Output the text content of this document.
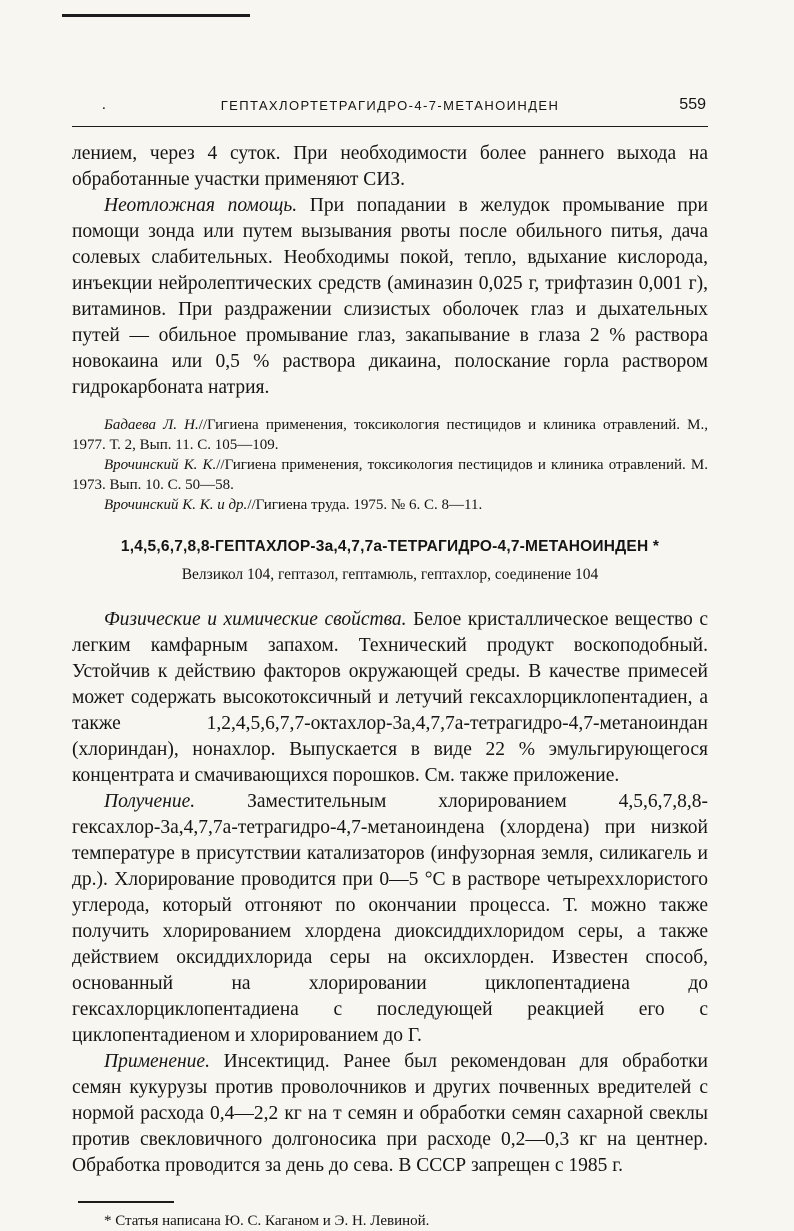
.	ГЕПТАХЛОРТЕТРАГИДРО-4-7-МЕТАНОИНДЕН	559

лением, через 4 суток. При необходимости более раннего выхода на обработанные участки применяют СИЗ.

Неотложная помощь. При попадании в желудок промывание при помощи зонда или путем вызывания рвоты после обильного питья, дача солевых слабительных. Необходимы покой, тепло, вдыхание кислорода, инъекции нейролептических средств (аминазин 0,025 г, трифтазин 0,001 г), витаминов. При раздражении слизистых оболочек глаз и дыхательных путей — обильное промывание глаз, закапывание в глаза 2 % раствора новокаина или 0,5 % раствора дикаина, полоскание горла раствором гидрокарбоната натрия.

Бадаева Л. Н.//Гигиена применения, токсикология пестицидов и клиника отравлений. М., 1977. Т. 2, Вып. 11. С. 105—109.

Врочинский К. К.//Гигиена применения, токсикология пестицидов и клиника отравлений. М. 1973. Вып. 10. С. 50—58.

Врочинский К. К. и др.//Гигиена труда. 1975. № 6. С. 8—11.

1,4,5,6,7,8,8-ГЕПТАХЛОР-3а,4,7,7а-ТЕТРАГИДРО-4,7-МЕТАНОИНДЕН *
Велзикол 104, гептазол, гептамюль, гептахлор, соединение 104

Физические и химические свойства. Белое кристаллическое вещество с легким камфарным запахом. Технический продукт воскоподобный. Устойчив к действию факторов окружающей среды. В качестве примесей может содержать высокотоксичный и летучий гексахлорциклопентадиен, а также 1,2,4,5,6,7,7-октахлор-3а,4,7,7а-тетрагидро-4,7-метаноиндан (хлориндан), нонахлор. Выпускается в виде 22 % эмульгирующегося концентрата и смачивающихся порошков. См. также приложение.

Получение. Заместительным хлорированием 4,5,6,7,8,8-гексахлор-3а,4,7,7а-тетрагидро-4,7-метаноиндена (хлордена) при низкой температуре в присутствии катализаторов (инфузорная земля, силикагель и др.). Хлорирование проводится при 0—5 °С в растворе четыреххлористого углерода, который отгоняют по окончании процесса. Т. можно также получить хлорированием хлордена диоксиддихлоридом серы, а также действием оксиддихлорида серы на оксихлорден. Известен способ, основанный на хлорировании циклопентадиена до гексахлорциклопентадиена с последующей реакцией его с циклопентадиеном и хлорированием до Г.

Применение. Инсектицид. Ранее был рекомендован для обработки семян кукурузы против проволочников и других почвенных вредителей с нормой расхода 0,4—2,2 кг на т семян и обработки семян сахарной свеклы против свекловичного долгоносика при расходе 0,2—0,3 кг на центнер. Обработка проводится за день до сева. В СССР запрещен с 1985 г.

* Статья написана Ю. С. Каганом и Э. Н. Левиной.
